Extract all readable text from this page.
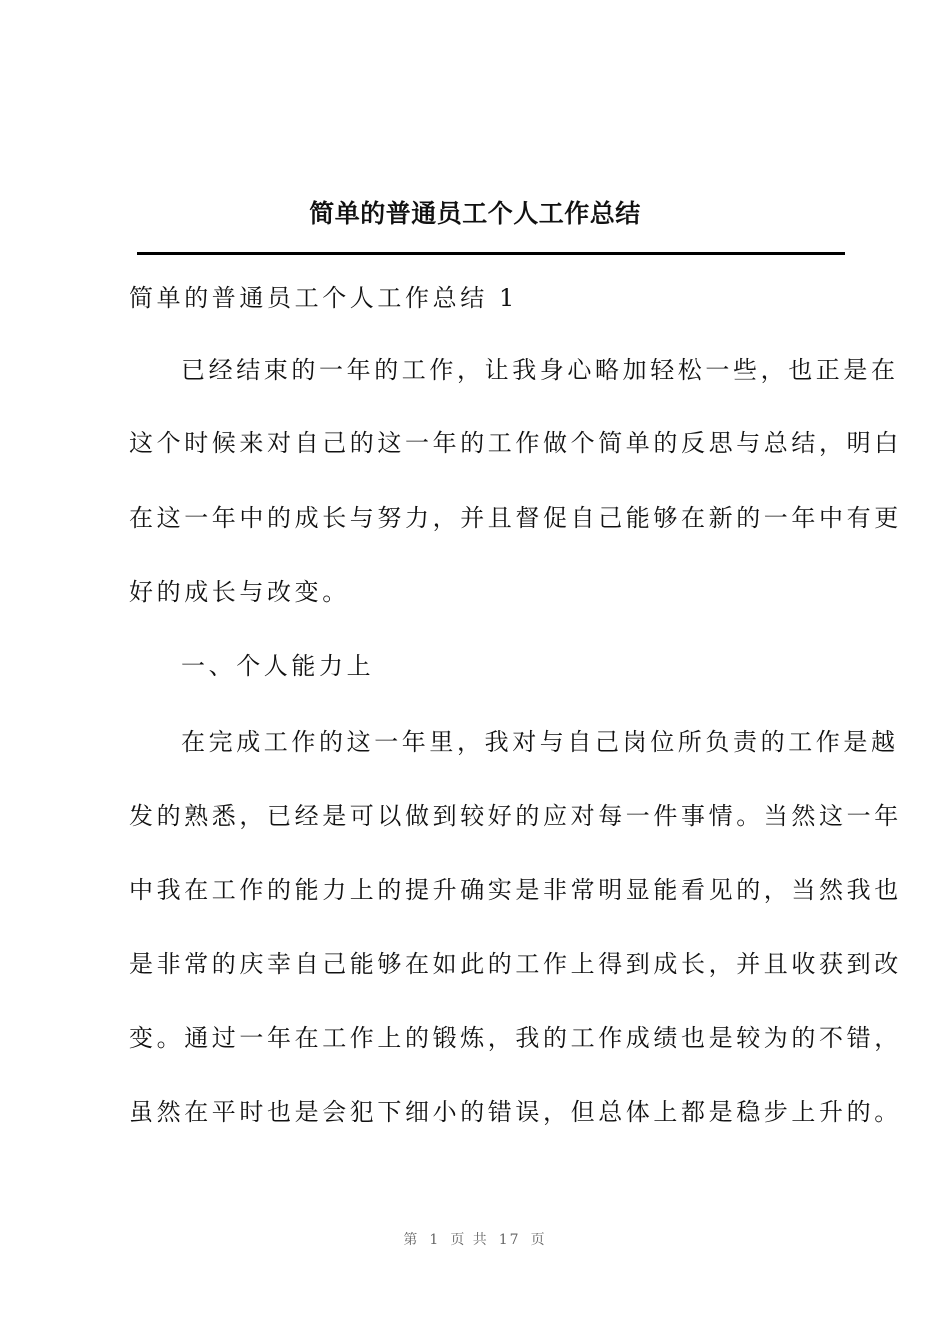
简单的普通员工个人工作总结
简单的普通员工个人工作总结 1
已经结束的一年的工作，让我身心略加轻松一些，也正是在
这个时候来对自己的这一年的工作做个简单的反思与总结，明白
在这一年中的成长与努力，并且督促自己能够在新的一年中有更
好的成长与改变。
一、个人能力上
在完成工作的这一年里，我对与自己岗位所负责的工作是越
发的熟悉，已经是可以做到较好的应对每一件事情。当然这一年
中我在工作的能力上的提升确实是非常明显能看见的，当然我也
是非常的庆幸自己能够在如此的工作上得到成长，并且收获到改
变。通过一年在工作上的锻炼，我的工作成绩也是较为的不错，
虽然在平时也是会犯下细小的错误，但总体上都是稳步上升的。
第 1 页 共 17 页
